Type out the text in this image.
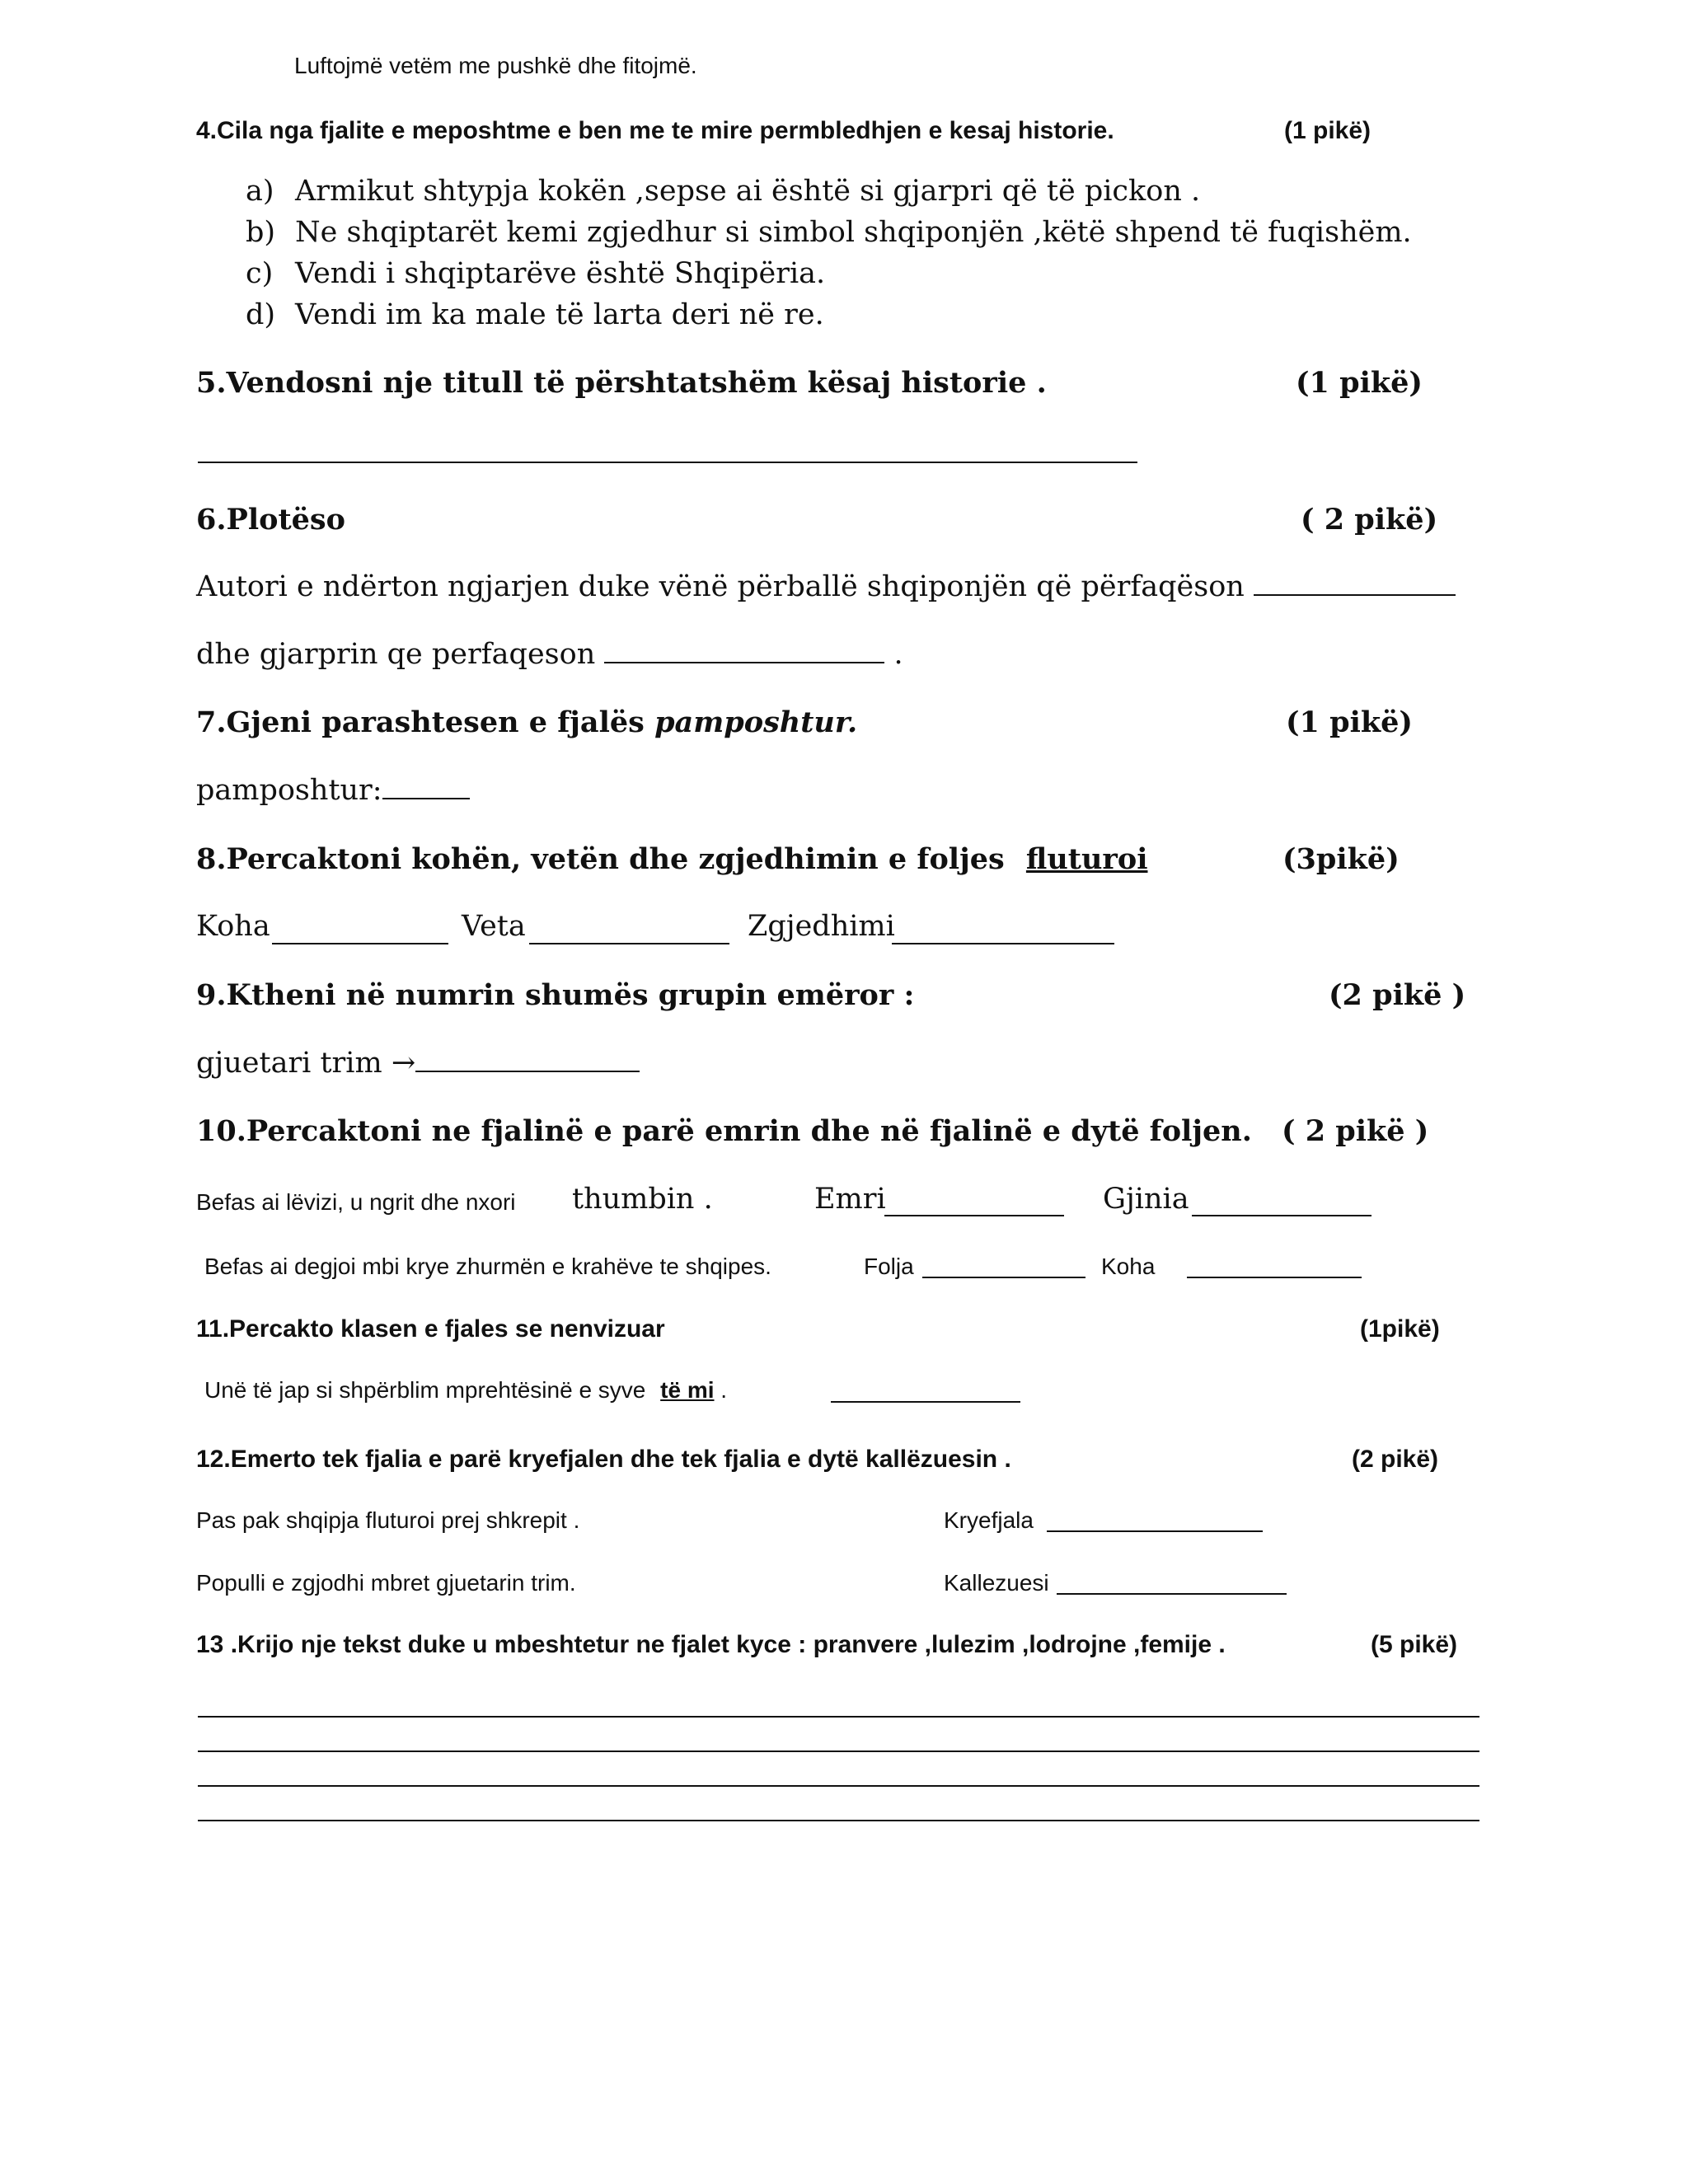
Luftojmë vetëm me pushkë dhe fitojmë.
4.Cila nga fjalite e meposhtme e ben me te mire permbledhjen e kesaj historie.	(1 pikë)
a) Armikut shtypja kokën ,sepse ai është si gjarpri që të pickon .
b) Ne shqiptarët kemi zgjedhur si simbol shqiponjën ,këtë shpend të fuqishëm.
c) Vendi i shqiptarëve është Shqipëria.
d) Vendi im ka male të larta deri në re.
5.Vendosni nje titull të përshtatshëm kësaj historie .	(1 pikë)
6.Plotëso	( 2 pikë)
Autori e ndërton ngjarjen duke vënë përballë shqiponjën që përfaqëson
dhe gjarprin qe perfaqeson	.
7.Gjeni parashtesen e fjalës pamposhtur.	(1 pikë)
pamposhtur:
8.Percaktoni kohën, vetën dhe zgjedhimin e foljes fluturoi	(3pikë)
Koha	Veta	Zgjedhimi
9.Ktheni në numrin shumës grupin emëror :	(2 pikë )
gjuetari trim →
10.Percaktoni ne fjalinë e parë emrin dhe në fjalinë e dytë foljen. ( 2 pikë )
Befas ai lëvizi, u ngrit dhe nxori thumbin .	Emri	Gjinia
Befas ai degjoi mbi krye zhurmën e krahëve te shqipes.	Folja	Koha
11.Percakto klasen e fjales se nenvizuar	(1pikë)
Unë të jap si shpërblim mprehtësinë e syve të mi .
12.Emerto tek fjalia e parë kryefjalen dhe tek fjalia e dytë kallëzuesin .	(2 pikë)
Pas pak shqipja fluturoi prej shkrepit .	Kryefjala
Populli e zgjodhi mbret gjuetarin trim.	Kallezuesi
13 .Krijo nje tekst duke u mbeshtetur ne fjalet kyce : pranvere ,lulezim ,lodrojne ,femije .	(5 pikë)
